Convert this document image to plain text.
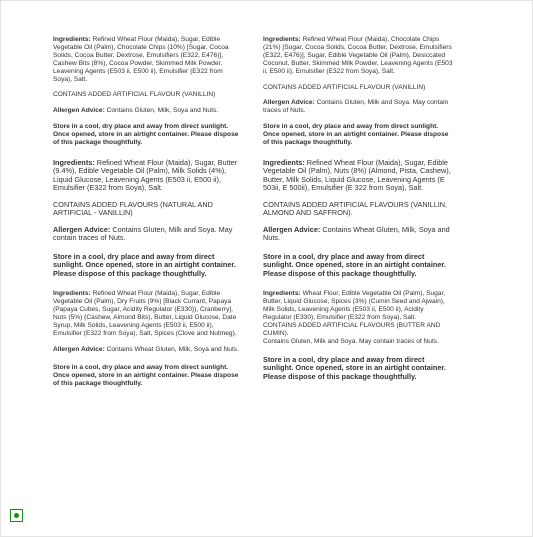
Ingredients: Refined Wheat Flour (Maida), Sugar, Edible Vegetable Oil (Palm), Chocolate Chips (10%) [Sugar, Cocoa Solids, Cocoa Butter, Dextrose, Emulsifiers (E322, E476)], Cashew Bits (8%), Cocoa Powder, Skimmed Milk Powder, Leavening Agents (E503 ii, E500 ii), Emulsifier (E322 from Soya), Salt.

CONTAINS ADDED ARTIFICIAL FLAVOUR (VANILLIN)

Allergen Advice: Contains Gluten, Milk, Soya and Nuts.

Store in a cool, dry place and away from direct sunlight. Once opened, store in an airtight container. Please dispose of this package thoughtfully.

Ingredients: Refined Wheat Flour (Maida), Sugar, Butter (9.4%), Edible Vegetable Oil (Palm), Milk Solids (4%), Liquid Glucose, Leavening Agents (E503 ii, E500 ii), Emulsifier (E322 from Soya), Salt.

CONTAINS ADDED FLAVOURS (NATURAL AND ARTIFICIAL - VANILLIN)

Allergen Advice: Contains Gluten, Milk and Soya. May contain traces of Nuts.

Store in a cool, dry place and away from direct sunlight. Once opened, store in an airtight container. Please dispose of this package thoughtfully.

Ingredients: Refined Wheat Flour (Maida), Sugar, Edible Vegetable Oil (Palm), Dry Fruits (9%) [Black Currant, Papaya (Papaya Cubes, Sugar, Acidity Regulator (E330)), Cranberry], Nuts (5%) (Cashew, Almond Bits), Butter, Liquid Glucose, Date Syrup, Milk Solids, Leavening Agents (E503 ii, E500 ii), Emulsifier (E322 from Soya), Salt, Spices (Clove and Nutmeg).

Allergen Advice: Contains Wheat Gluten, Milk, Soya and Nuts.

Store in a cool, dry place and away from direct sunlight. Once opened, store in an airtight container. Please dispose of this package thoughtfully.

Ingredients: Refined Wheat Flour (Maida), Chocolate Chips (21%) [Sugar, Cocoa Solids, Cocoa Butter, Dextrose, Emulsifiers (E322, E476)], Sugar, Edible Vegetable Oil (Palm), Desiccated Coconut, Butter, Skimmed Milk Powder, Leavening Agents (E503 ii, E500 ii), Emulsifier (E322 from Soya), Salt.

CONTAINS ADDED ARTIFICIAL FLAVOUR (VANILLIN)

Allergen Advice: Contains Gluten, Milk and Soya. May contain traces of Nuts.

Store in a cool, dry place and away from direct sunlight. Once opened, store in an airtight container. Please dispose of this package thoughtfully.

Ingredients: Refined Wheat Flour (Maida), Sugar, Edible Vegetable Oil (Palm), Nuts (8%) (Almond, Pista, Cashew), Butter, Milk Solids, Liquid Glucose, Leavening Agents (E 503ii, E 500ii), Emulsifier (E 322 from Soya), Salt.

CONTAINS ADDED ARTIFICIAL FLAVOURS (VANILLIN, ALMOND AND SAFFRON).

Allergen Advice: Contains Wheat Gluten, Milk, Soya and Nuts.

Store in a cool, dry place and away from direct sunlight. Once opened, store in an airtight container. Please dispose of this package thoughtfully.

Ingredients: Wheat Flour, Edible Vegetable Oil (Palm), Sugar, Butter, Liquid Glucose, Spices (3%) (Cumin Seed and Ajwain), Milk Solids, Leavening Agents (E503 ii, E500 ii), Acidity Regulator (E330), Emulsifier (E322 from Soya), Salt.

CONTAINS ADDED ARTIFICIAL FLAVOURS (BUTTER AND CUMIN).

Contains Gluten, Milk and Soya. May contain traces of Nuts.

Store in a cool, dry place and away from direct sunlight. Once opened, store in an airtight container. Please dispose of this package thoughtfully.
